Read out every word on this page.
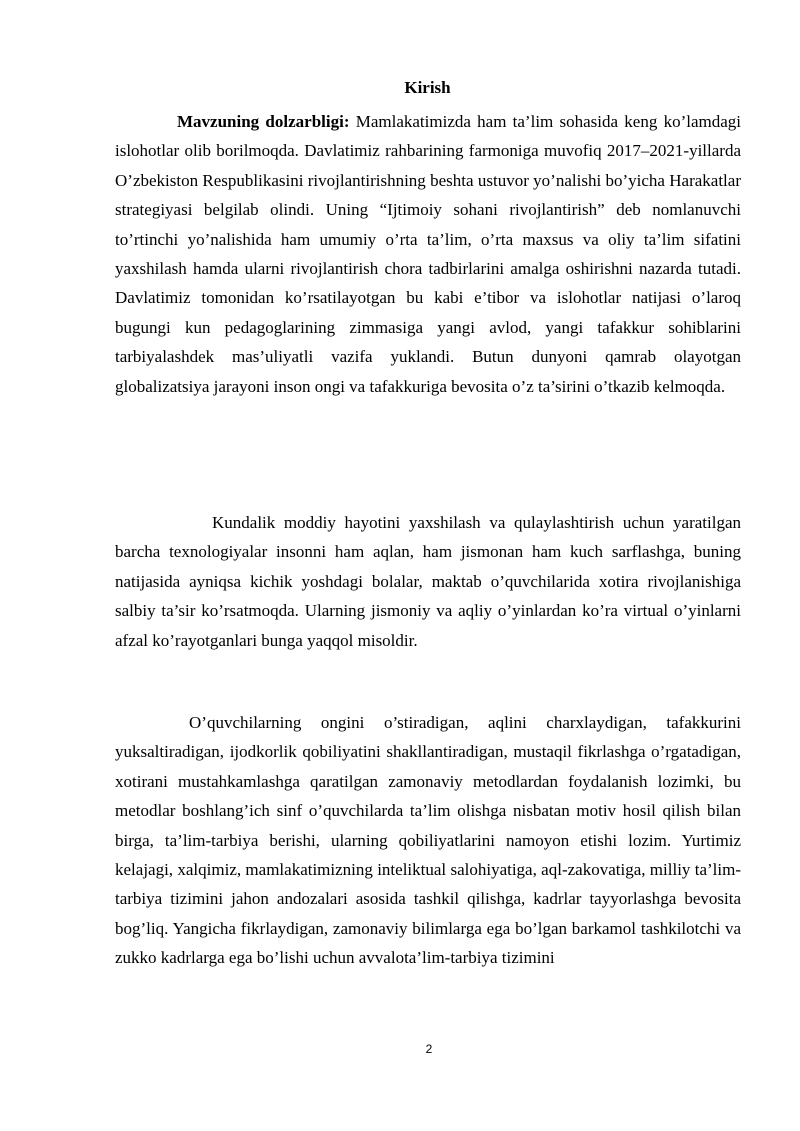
Kirish

Mavzuning dolzarbligi: Mamlakatimizda ham ta’lim sohasida keng ko’lamdagi islohotlar olib borilmoqda. Davlatimiz rahbarining farmoniga muvofiq 2017–2021-yillarda O’zbekiston Respublikasini rivojlantirishning beshta ustuvor yo’nalishi bo’yicha Harakatlar strategiyasi belgilab olindi. Uning “Ijtimoiy sohani rivojlantirish” deb nomlanuvchi to’rtinchi yo’nalishida ham umumiy o’rta ta’lim, o’rta maxsus va oliy ta’lim sifatini yaxshilash hamda ularni rivojlantirish chora tadbirlarini amalga oshirishni nazarda tutadi. Davlatimiz tomonidan ko’rsatilayotgan bu kabi e’tibor va islohotlar natijasi o’laroq bugungi kun pedagoglarining zimmasiga yangi avlod, yangi tafakkur sohiblarini tarbiyalashdek mas’uliyatli vazifa yuklandi. Butun dunyoni qamrab olayotgan globalizatsiya jarayoni inson ongi va tafakkuriga bevosita o’z ta’sirini o’tkazib kelmoqda.

Kundalik moddiy hayotini yaxshilash va qulaylashtirish uchun yaratilgan barcha texnologiyalar insonni ham aqlan, ham jismonan ham kuch sarflashga, buning natijasida ayniqsa kichik yoshdagi bolalar, maktab o’quvchilarida xotira rivojlanishiga salbiy ta’sir ko’rsatmoqda. Ularning jismoniy va aqliy o’yinlardan ko’ra virtual o’yinlarni afzal ko’rayotganlari bunga yaqqol misoldir.

O’quvchilarning ongini o’stiradigan, aqlini charxlaydigan, tafakkurini yuksaltiradigan, ijodkorlik qobiliyatini shakllantiradigan, mustaqil fikrlashga o’rgatadigan, xotirani mustahkamlashga qaratilgan zamonaviy metodlardan foydalanish lozimki, bu metodlar boshlang’ich sinf o’quvchilarda ta’lim olishga nisbatan motiv hosil qilish bilan birga, ta’lim-tarbiya berishi, ularning qobiliyatlarini namoyon etishi lozim. Yurtimiz kelajagi, xalqimiz, mamlakatimizning inteliktual salohiyatiga, aql-zakovatiga, milliy ta’lim-tarbiya tizimini jahon andozalari asosida tashkil qilishga, kadrlar tayyorlashga bevosita bog’liq. Yangicha fikrlaydigan, zamonaviy bilimlarga ega bo’lgan barkamol tashkilotchi va zukko kadrlarga ega bo’lishi uchun avvalota’lim-tarbiya tizimini

2
